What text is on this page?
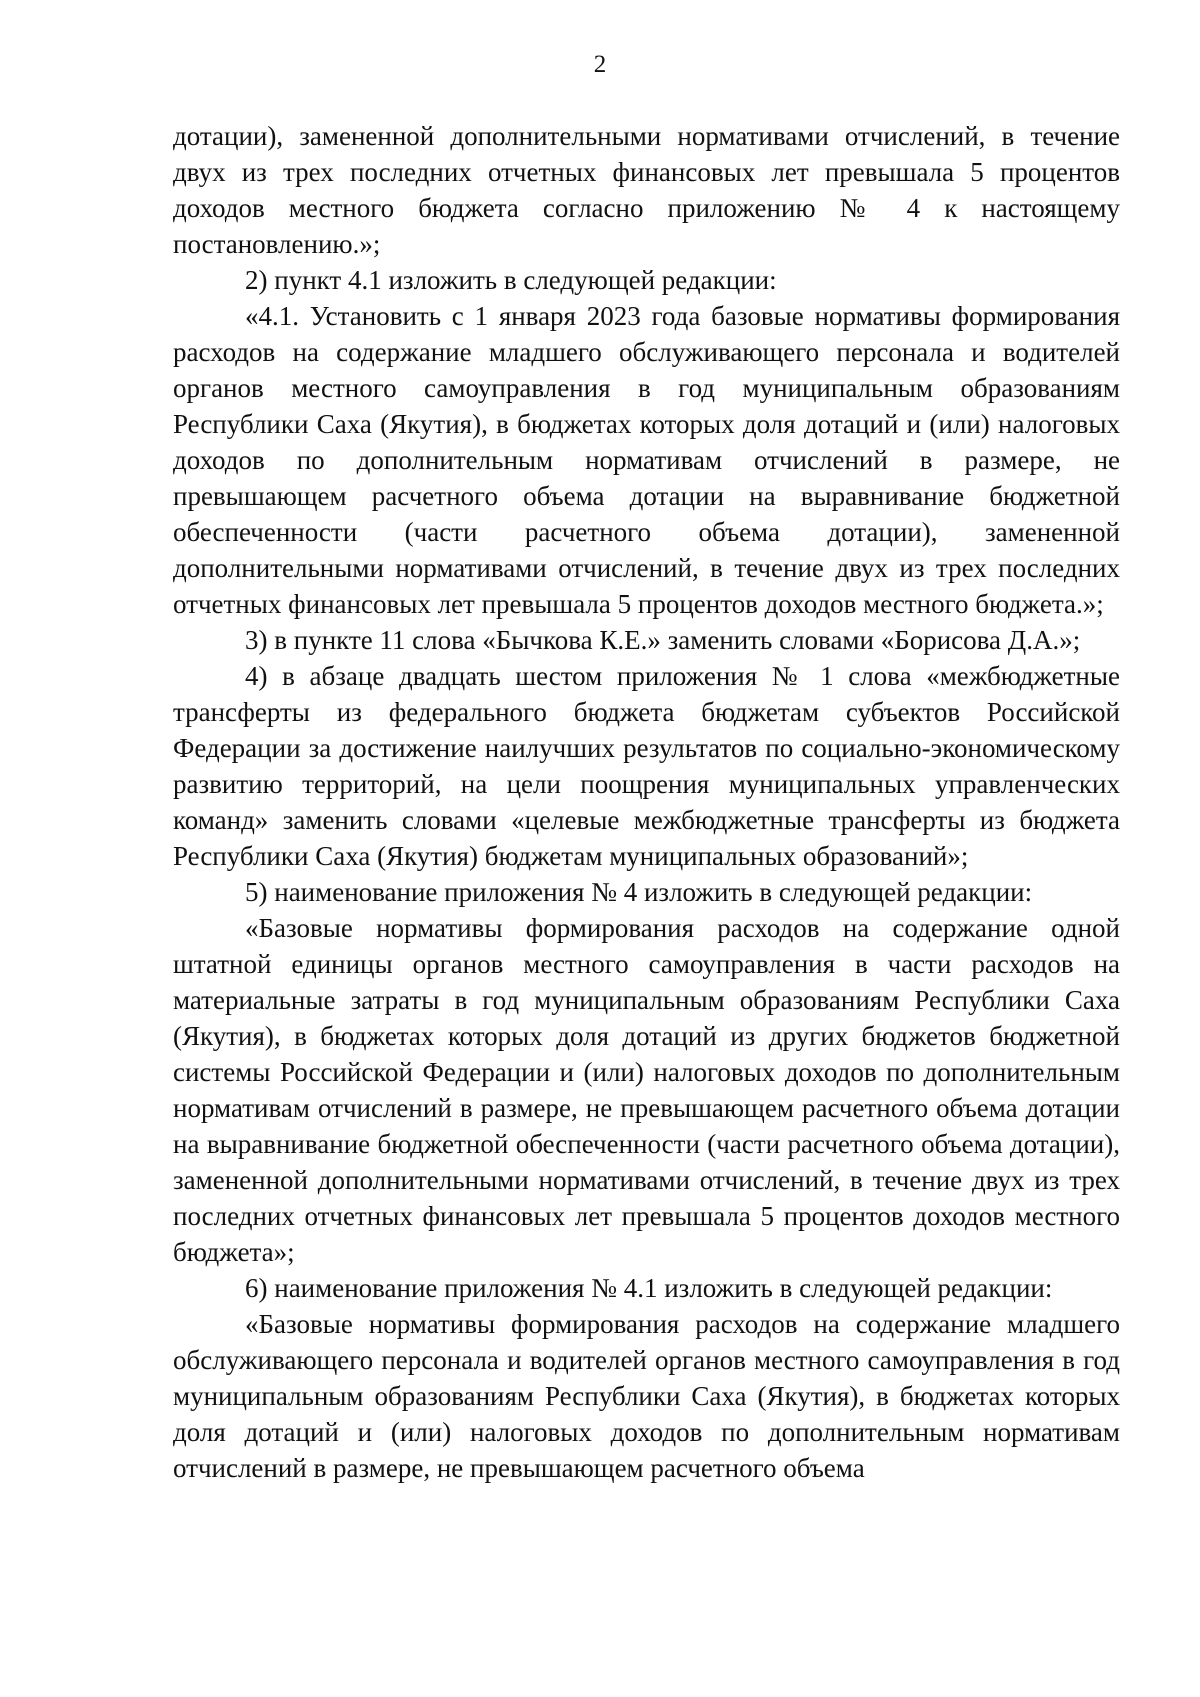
2

дотации), замененной дополнительными нормативами отчислений, в течение двух из трех последних отчетных финансовых лет превышала 5 процентов доходов местного бюджета согласно приложению № 4 к настоящему постановлению.»;

2) пункт 4.1 изложить в следующей редакции:

«4.1. Установить с 1 января 2023 года базовые нормативы формирования расходов на содержание младшего обслуживающего персонала и водителей органов местного самоуправления в год муниципальным образованиям Республики Саха (Якутия), в бюджетах которых доля дотаций и (или) налоговых доходов по дополнительным нормативам отчислений в размере, не превышающем расчетного объема дотации на выравнивание бюджетной обеспеченности (части расчетного объема дотации), замененной дополнительными нормативами отчислений, в течение двух из трех последних отчетных финансовых лет превышала 5 процентов доходов местного бюджета.»;

3) в пункте 11 слова «Бычкова К.Е.» заменить словами «Борисова Д.А.»;

4) в абзаце двадцать шестом приложения № 1 слова «межбюджетные трансферты из федерального бюджета бюджетам субъектов Российской Федерации за достижение наилучших результатов по социально-экономическому развитию территорий, на цели поощрения муниципальных управленческих команд» заменить словами «целевые межбюджетные трансферты из бюджета Республики Саха (Якутия) бюджетам муниципальных образований»;

5) наименование приложения № 4 изложить в следующей редакции:

«Базовые нормативы формирования расходов на содержание одной штатной единицы органов местного самоуправления в части расходов на материальные затраты в год муниципальным образованиям Республики Саха (Якутия), в бюджетах которых доля дотаций из других бюджетов бюджетной системы Российской Федерации и (или) налоговых доходов по дополнительным нормативам отчислений в размере, не превышающем расчетного объема дотации на выравнивание бюджетной обеспеченности (части расчетного объема дотации), замененной дополнительными нормативами отчислений, в течение двух из трех последних отчетных финансовых лет превышала 5 процентов доходов местного бюджета»;

6) наименование приложения № 4.1 изложить в следующей редакции:

«Базовые нормативы формирования расходов на содержание младшего обслуживающего персонала и водителей органов местного самоуправления в год муниципальным образованиям Республики Саха (Якутия), в бюджетах которых доля дотаций и (или) налоговых доходов по дополнительным нормативам отчислений в размере, не превышающем расчетного объема
